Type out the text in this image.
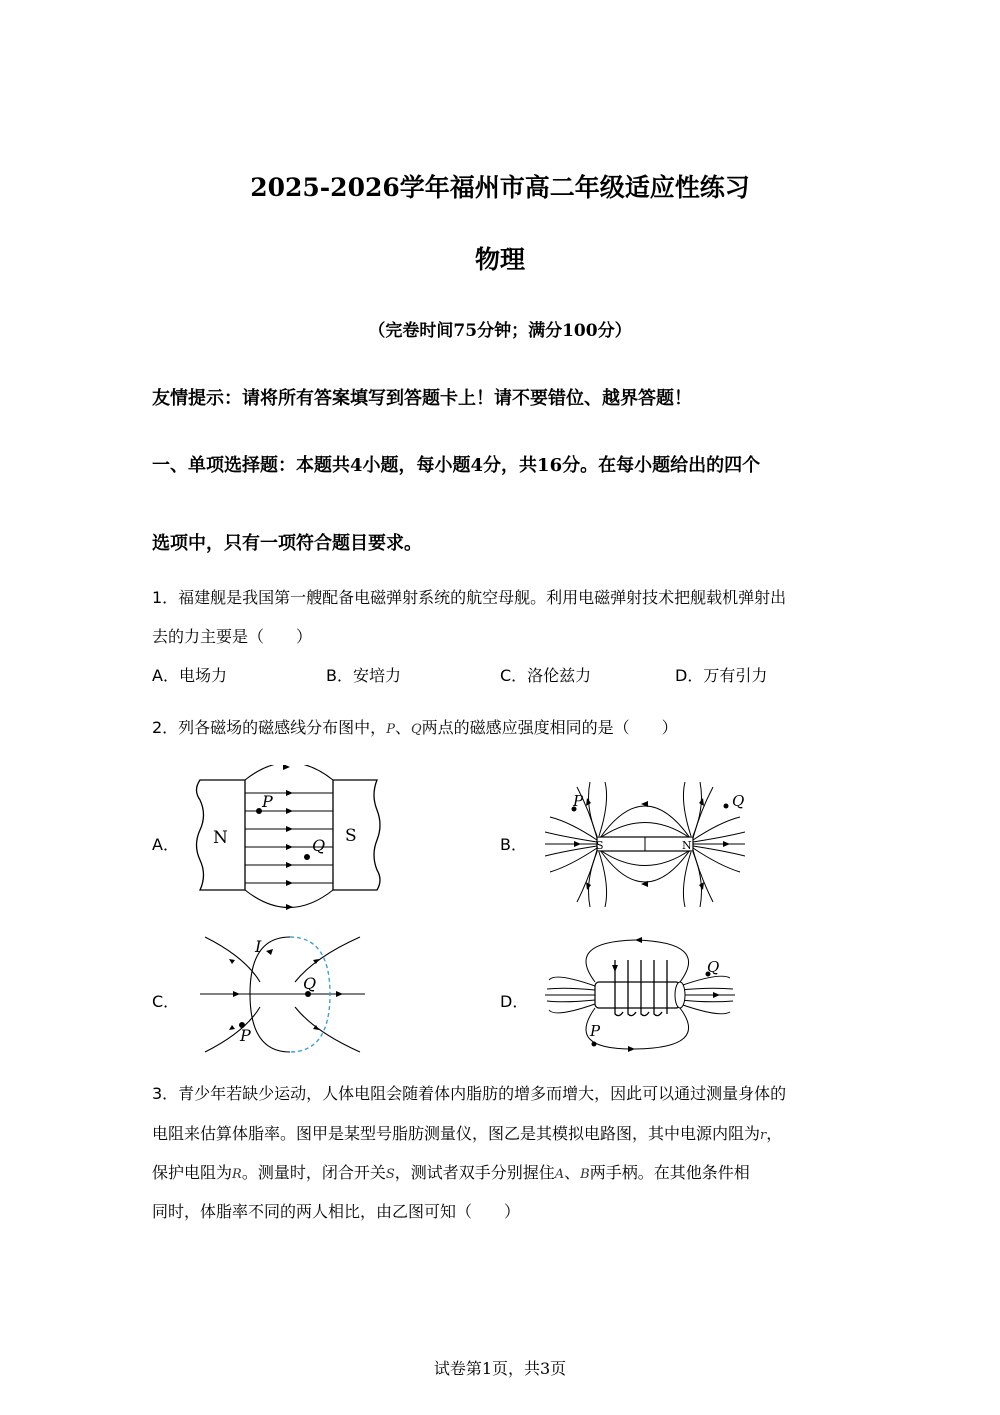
2025-2026学年福州市高二年级适应性练习
物理
（完卷时间75分钟；满分100分）
友情提示：请将所有答案填写到答题卡上！请不要错位、越界答题！
一、单项选择题：本题共4小题，每小题4分，共16分。在每小题给出的四个
选项中，只有一项符合题目要求。
1．福建舰是我国第一艘配备电磁弹射系统的航空母舰。利用电磁弹射技术把舰载机弹射出
去的力主要是（　　）
A．电场力	B．安培力	C．洛伦兹力	D．万有引力
2．列各磁场的磁感线分布图中，P、Q两点的磁感应强度相同的是（　　）
A．	B．
C．	D．
N	S
P
Q	S	N
P	Q
I
Q
P
Q
P
3．青少年若缺少运动，人体电阻会随着体内脂肪的增多而增大，因此可以通过测量身体的
电阻来估算体脂率。图甲是某型号脂肪测量仪，图乙是其模拟电路图，其中电源内阻为r，
保护电阻为R。测量时，闭合开关S，测试者双手分别握住A、B两手柄。在其他条件相
同时，体脂率不同的两人相比，由乙图可知（　　）
试卷第1页，共3页
